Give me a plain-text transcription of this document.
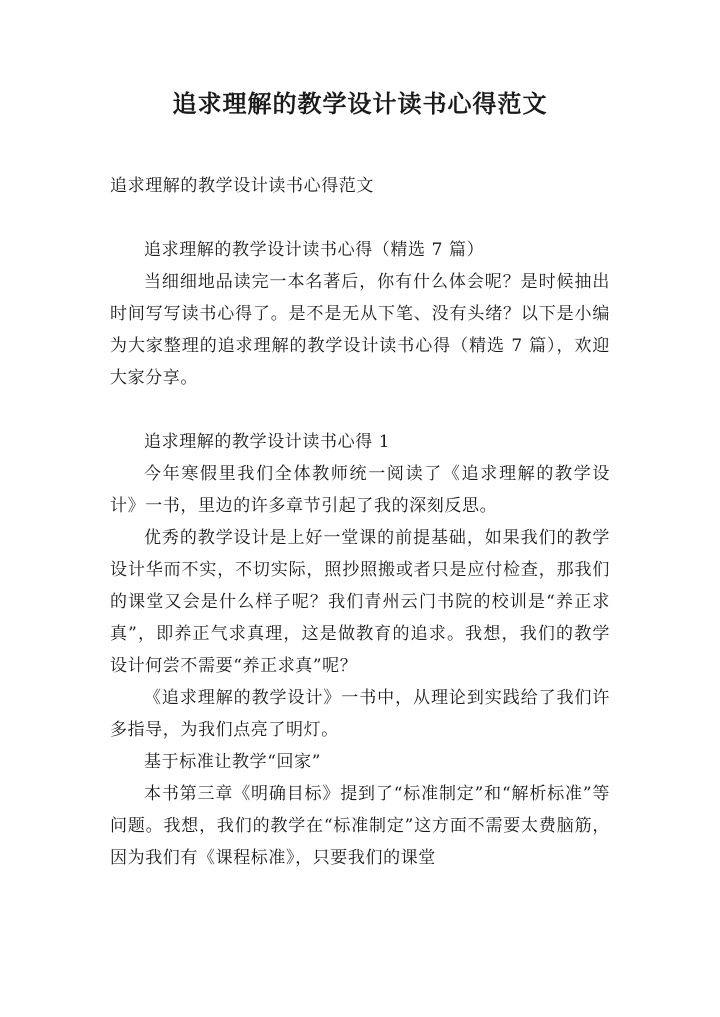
追求理解的教学设计读书心得范文

追求理解的教学设计读书心得范文

追求理解的教学设计读书心得（精选 7 篇）

当细细地品读完一本名著后，你有什么体会呢？是时候抽出时间写写读书心得了。是不是无从下笔、没有头绪？以下是小编为大家整理的追求理解的教学设计读书心得（精选 7 篇），欢迎大家分享。

追求理解的教学设计读书心得 1

今年寒假里我们全体教师统一阅读了《追求理解的教学设计》一书，里边的许多章节引起了我的深刻反思。

优秀的教学设计是上好一堂课的前提基础，如果我们的教学设计华而不实，不切实际，照抄照搬或者只是应付检查，那我们的课堂又会是什么样子呢？我们青州云门书院的校训是“养正求真”，即养正气求真理，这是做教育的追求。我想，我们的教学设计何尝不需要“养正求真”呢？

《追求理解的教学设计》一书中，从理论到实践给了我们许多指导，为我们点亮了明灯。

基于标准让教学“回家”

本书第三章《明确目标》提到了“标准制定”和“解析标准”等问题。我想，我们的教学在“标准制定”这方面不需要太费脑筋，因为我们有《课程标准》，只要我们的课堂
